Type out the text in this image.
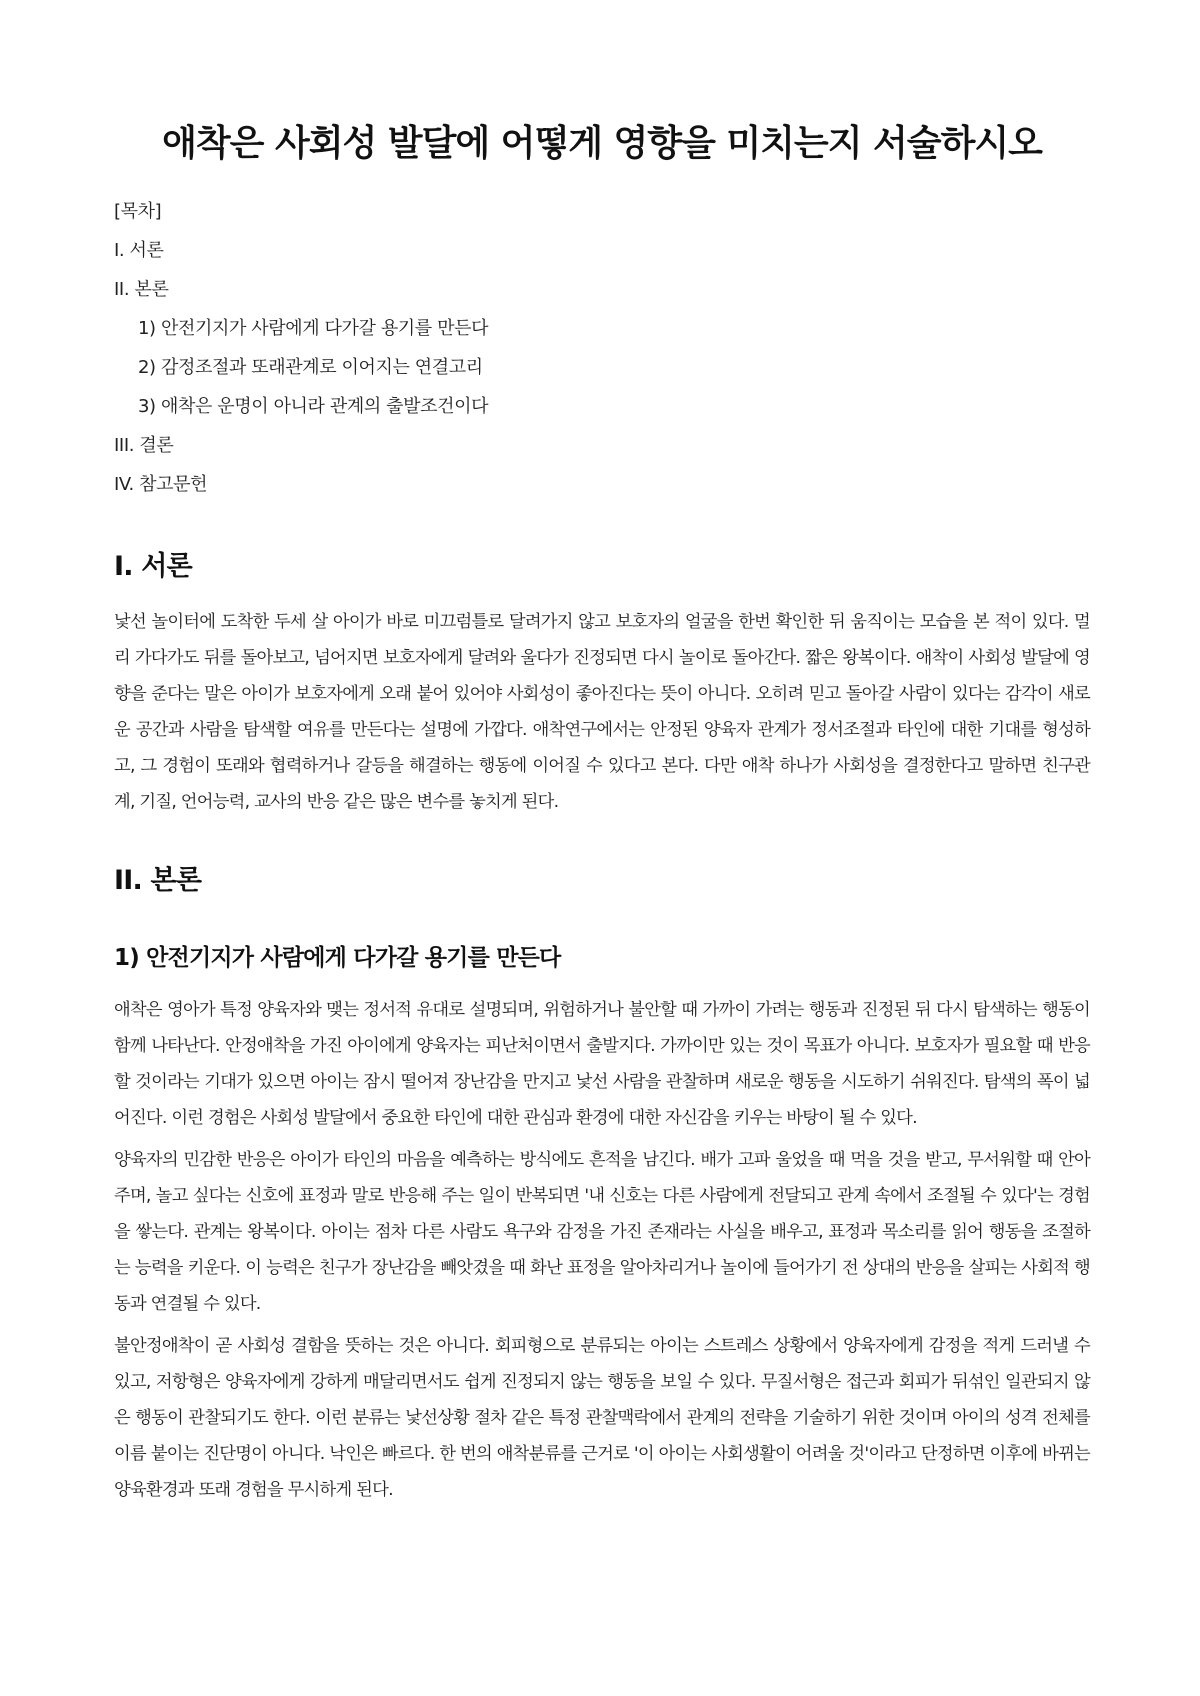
애착은 사회성 발달에 어떻게 영향을 미치는지 서술하시오
[목차]
I. 서론
II. 본론
1) 안전기지가 사람에게 다가갈 용기를 만든다
2) 감정조절과 또래관계로 이어지는 연결고리
3) 애착은 운명이 아니라 관계의 출발조건이다
III. 결론
IV. 참고문헌
I. 서론

낯선 놀이터에 도착한 두세 살 아이가 바로 미끄럼틀로 달려가지 않고 보호자의 얼굴을 한번 확인한 뒤 움직이는 모습을 본 적이 있다. 멀리 가다가도 뒤를 돌아보고, 넘어지면 보호자에게 달려와 울다가 진정되면 다시 놀이로 돌아간다. 짧은 왕복이다. 애착이 사회성 발달에 영향을 준다는 말은 아이가 보호자에게 오래 붙어 있어야 사회성이 좋아진다는 뜻이 아니다. 오히려 믿고 돌아갈 사람이 있다는 감각이 새로운 공간과 사람을 탐색할 여유를 만든다는 설명에 가깝다. 애착연구에서는 안정된 양육자 관계가 정서조절과 타인에 대한 기대를 형성하고, 그 경험이 또래와 협력하거나 갈등을 해결하는 행동에 이어질 수 있다고 본다. 다만 애착 하나가 사회성을 결정한다고 말하면 친구관계, 기질, 언어능력, 교사의 반응 같은 많은 변수를 놓치게 된다.

II. 본론
1) 안전기지가 사람에게 다가갈 용기를 만든다

애착은 영아가 특정 양육자와 맺는 정서적 유대로 설명되며, 위험하거나 불안할 때 가까이 가려는 행동과 진정된 뒤 다시 탐색하는 행동이 함께 나타난다. 안정애착을 가진 아이에게 양육자는 피난처이면서 출발지다. 가까이만 있는 것이 목표가 아니다. 보호자가 필요할 때 반응할 것이라는 기대가 있으면 아이는 잠시 떨어져 장난감을 만지고 낯선 사람을 관찰하며 새로운 행동을 시도하기 쉬워진다. 탐색의 폭이 넓어진다. 이런 경험은 사회성 발달에서 중요한 타인에 대한 관심과 환경에 대한 자신감을 키우는 바탕이 될 수 있다.

양육자의 민감한 반응은 아이가 타인의 마음을 예측하는 방식에도 흔적을 남긴다. 배가 고파 울었을 때 먹을 것을 받고, 무서워할 때 안아주며, 놀고 싶다는 신호에 표정과 말로 반응해 주는 일이 반복되면 '내 신호는 다른 사람에게 전달되고 관계 속에서 조절될 수 있다'는 경험을 쌓는다. 관계는 왕복이다. 아이는 점차 다른 사람도 욕구와 감정을 가진 존재라는 사실을 배우고, 표정과 목소리를 읽어 행동을 조절하는 능력을 키운다. 이 능력은 친구가 장난감을 빼앗겼을 때 화난 표정을 알아차리거나 놀이에 들어가기 전 상대의 반응을 살피는 사회적 행동과 연결될 수 있다.

불안정애착이 곧 사회성 결함을 뜻하는 것은 아니다. 회피형으로 분류되는 아이는 스트레스 상황에서 양육자에게 감정을 적게 드러낼 수 있고, 저항형은 양육자에게 강하게 매달리면서도 쉽게 진정되지 않는 행동을 보일 수 있다. 무질서형은 접근과 회피가 뒤섞인 일관되지 않은 행동이 관찰되기도 한다. 이런 분류는 낯선상황 절차 같은 특정 관찰맥락에서 관계의 전략을 기술하기 위한 것이며 아이의 성격 전체를 이름 붙이는 진단명이 아니다. 낙인은 빠르다. 한 번의 애착분류를 근거로 '이 아이는 사회생활이 어려울 것'이라고 단정하면 이후에 바뀌는 양육환경과 또래 경험을 무시하게 된다.
